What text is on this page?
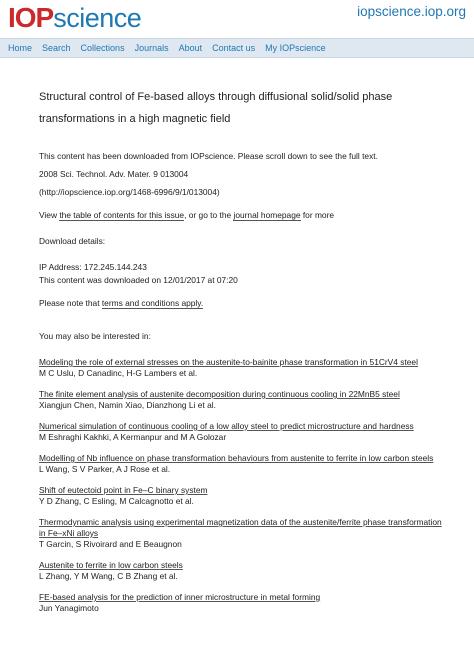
IOP science	iopscience.iop.org
Home Search Collections Journals About Contact us My IOPscience

Structural control of Fe-based alloys through diffusional solid/solid phase transformations in a high magnetic field

This content has been downloaded from IOPscience. Please scroll down to see the full text.

2008 Sci. Technol. Adv. Mater. 9 013004

(http://iopscience.iop.org/1468-6996/9/1/013004)

View the table of contents for this issue, or go to the journal homepage for more

Download details:

IP Address: 172.245.144.243

This content was downloaded on 12/01/2017 at 07:20

Please note that terms and conditions apply.

You may also be interested in:

Modeling the role of external stresses on the austenite-to-bainite phase transformation in 51CrV4 steel
M C Uslu, D Canadinc, H-G Lambers et al.
The finite element analysis of austenite decomposition during continuous cooling in 22MnB5 steel
Xiangjun Chen, Namin Xiao, Dianzhong Li et al.
Numerical simulation of continuous cooling of a low alloy steel to predict microstructure and hardness
M Eshraghi Kakhki, A Kermanpur and M A Golozar
Modelling of Nb influence on phase transformation behaviours from austenite to ferrite in low carbon steels
L Wang, S V Parker, A J Rose et al.
Shift of eutectoid point in Fe–C binary system
Y D Zhang, C Esling, M Calcagnotto et al.
Thermodynamic analysis using experimental magnetization data of the austenite/ferrite phase transformation in Fe–xNi alloys
T Garcin, S Rivoirard and E Beaugnon
Austenite to ferrite in low carbon steels
L Zhang, Y M Wang, C B Zhang et al.
FE-based analysis for the prediction of inner microstructure in metal forming
Jun Yanagimoto
